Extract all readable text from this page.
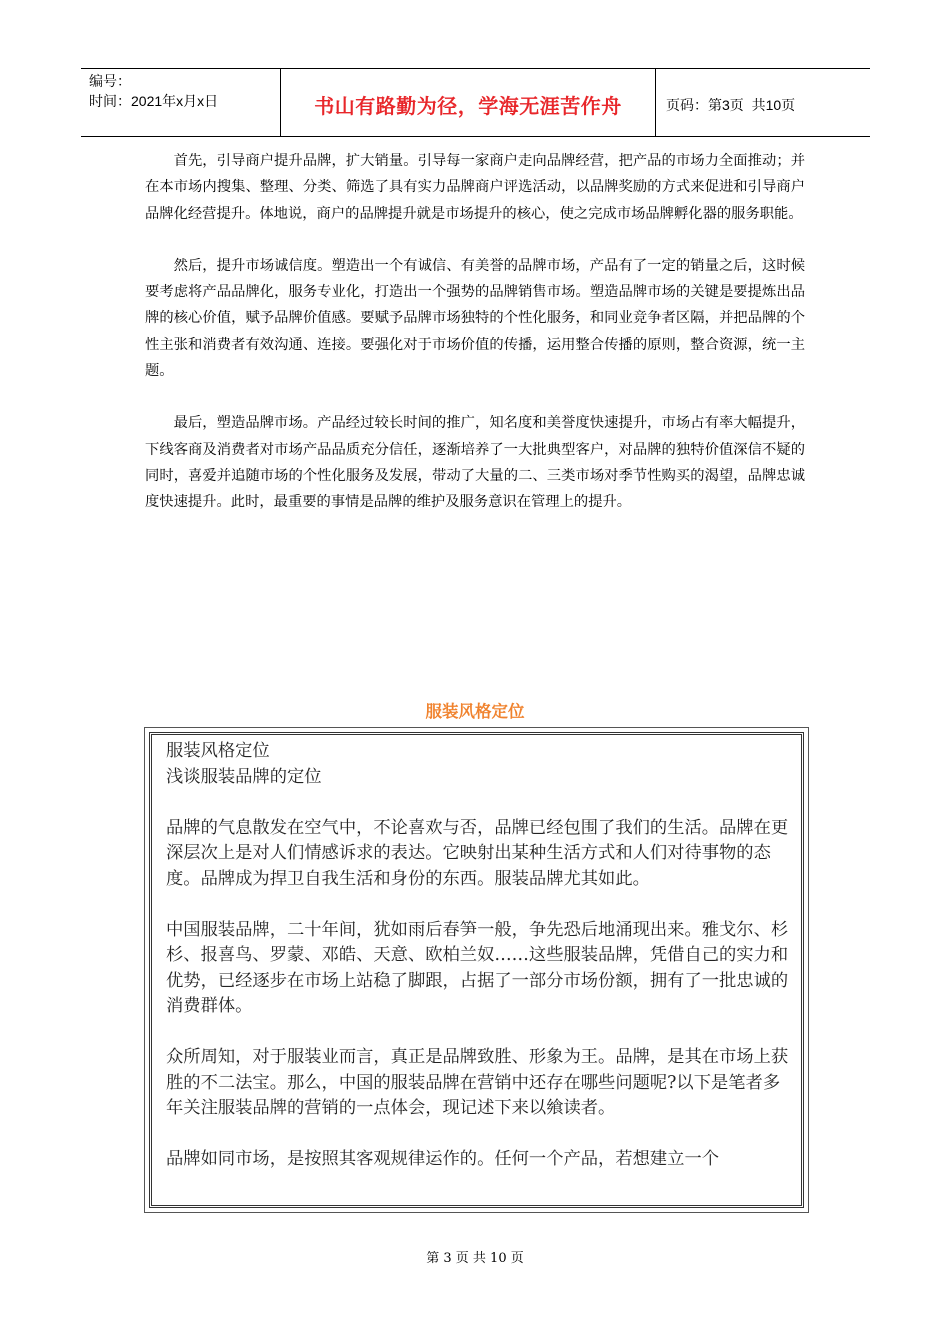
编号：
时间：2021年x月x日	书山有路勤为径，学海无涯苦作舟	页码：第3页  共10页

首先，引导商户提升品牌，扩大销量。引导每一家商户走向品牌经营，把产品的市场力全面推动；并在本市场内搜集、整理、分类、筛选了具有实力品牌商户评选活动，以品牌奖励的方式来促进和引导商户品牌化经营提升。体地说，商户的品牌提升就是市场提升的核心，使之完成市场品牌孵化器的服务职能。

然后，提升市场诚信度。塑造出一个有诚信、有美誉的品牌市场，产品有了一定的销量之后，这时候要考虑将产品品牌化，服务专业化，打造出一个强势的品牌销售市场。塑造品牌市场的关键是要提炼出品牌的核心价值，赋予品牌价值感。要赋予品牌市场独特的个性化服务，和同业竞争者区隔，并把品牌的个性主张和消费者有效沟通、连接。要强化对于市场价值的传播，运用整合传播的原则，整合资源，统一主题。

最后，塑造品牌市场。产品经过较长时间的推广，知名度和美誉度快速提升，市场占有率大幅提升，下线客商及消费者对市场产品品质充分信任，逐渐培养了一大批典型客户，对品牌的独特价值深信不疑的同时，喜爱并追随市场的个性化服务及发展，带动了大量的二、三类市场对季节性购买的渴望，品牌忠诚度快速提升。此时，最重要的事情是品牌的维护及服务意识在管理上的提升。

服装风格定位
服装风格定位
浅谈服装品牌的定位
品牌的气息散发在空气中，不论喜欢与否，品牌已经包围了我们的生活。品牌在更深层次上是对人们情感诉求的表达。它映射出某种生活方式和人们对待事物的态度。品牌成为捍卫自我生活和身份的东西。服装品牌尤其如此。
中国服装品牌，二十年间，犹如雨后春笋一般，争先恐后地涌现出来。雅戈尔、杉杉、报喜鸟、罗蒙、邓皓、天意、欧柏兰奴……这些服装品牌，凭借自己的实力和优势，已经逐步在市场上站稳了脚跟，占据了一部分市场份额，拥有了一批忠诚的消费群体。
众所周知，对于服装业而言，真正是品牌致胜、形象为王。品牌，是其在市场上获胜的不二法宝。那么，中国的服装品牌在营销中还存在哪些问题呢?以下是笔者多年关注服装品牌的营销的一点体会，现记述下来以飨读者。
品牌如同市场，是按照其客观规律运作的。任何一个产品，若想建立一个
第 3 页 共 10 页
